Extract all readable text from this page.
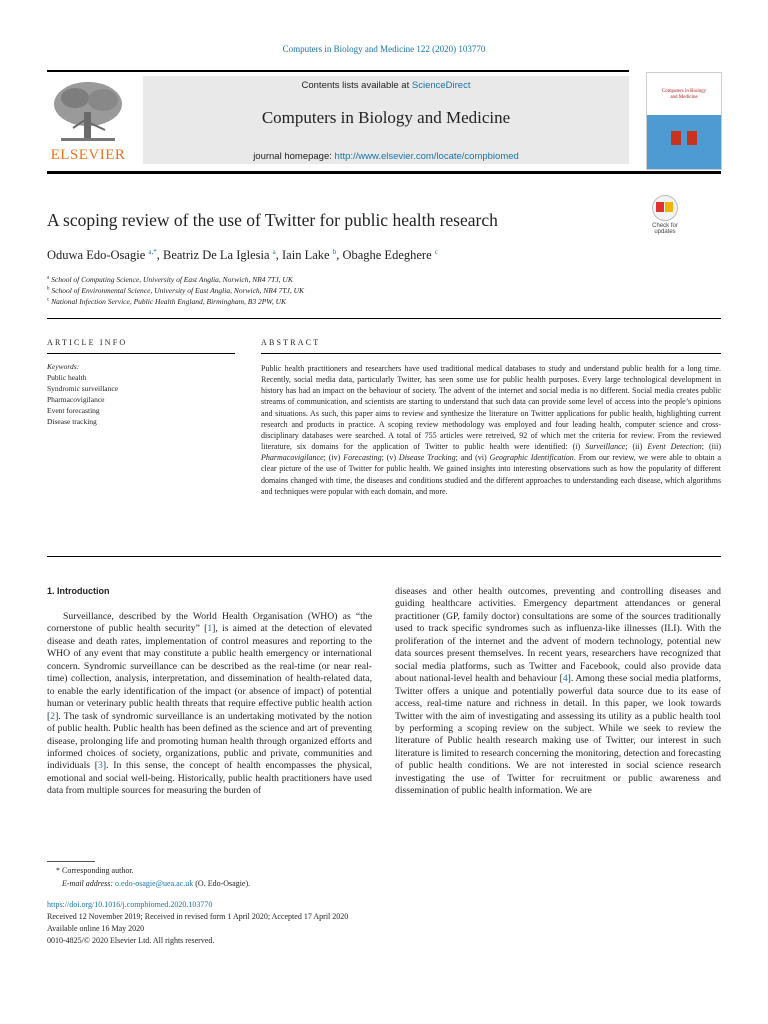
Computers in Biology and Medicine 122 (2020) 103770
ELSEVIER
Contents lists available at ScienceDirect
Computers in Biology and Medicine
journal homepage: http://www.elsevier.com/locate/compbiomed
Computers in Biology
and Medicine
A scoping review of the use of Twitter for public health research	Check for
updates
Oduwa Edo-Osagie $^{a,*}$, Beatriz De La Iglesia $^a$, Iain Lake $^b$, Obaghe Edeghere $^c$
$^a$ School of Computing Science, University of East Anglia, Norwich, NR4 7TJ, UK
$^b$ School of Environmental Science, University of East Anglia, Norwich, NR4 7TJ, UK
$^c$ National Infection Service, Public Health England, Birmingham, B3 2PW, UK
ARTICLE INFO
Keywords:
Public health
Syndromic surveillance
Pharmacovigilance
Event forecasting
Disease tracking
ABSTRACT
Public health practitioners and researchers have used traditional medical databases to study and understand public health for a long time. Recently, social media data, particularly Twitter, has seen some use for public health purposes. Every large technological development in history has had an impact on the behaviour of society. The advent of the internet and social media is no different. Social media creates public streams of communication, and scientists are starting to understand that such data can provide some level of access into the people’s opinions and situations. As such, this paper aims to review and synthesize the literature on Twitter applications for public health, highlighting current research and products in practice. A scoping review methodology was employed and four leading health, computer science and cross-disciplinary databases were searched. A total of 755 articles were retreived, 92 of which met the criteria for review. From the reviewed literature, six domains for the application of Twitter to public health were identified: (i) Surveillance; (ii) Event Detection; (iii) Pharmacovigilance; (iv) Forecasting; (v) Disease Tracking; and (vi) Geographic Identification. From our review, we were able to obtain a clear picture of the use of Twitter for public health. We gained insights into interesting observations such as how the popularity of different domains changed with time, the diseases and conditions studied and the different approaches to understanding each disease, which algorithms and techniques were popular with each domain, and more.
1. Introduction
Surveillance, described by the World Health Organisation (WHO) as “the cornerstone of public health security” [1], is aimed at the detection of elevated disease and death rates, implementation of control measures and reporting to the WHO of any event that may constitute a public health emergency or international concern. Syndromic surveillance can be described as the real-time (or near real-time) collection, analysis, interpretation, and dissemination of health-related data, to enable the early identification of the impact (or absence of impact) of potential human or veterinary public health threats that require effective public health action [2]. The task of syndromic surveillance is an undertaking motivated by the notion of public health. Public health has been defined as the science and art of preventing disease, prolonging life and promoting human health through organized efforts and informed choices of society, organizations, public and private, communities and individuals [3]. In this sense, the concept of health encompasses the physical, emotional and social well-being. Historically, public health practitioners have used data from multiple sources for measuring the burden of
diseases and other health outcomes, preventing and controlling diseases and guiding healthcare activities. Emergency department attendances or general practitioner (GP, family doctor) consultations are some of the sources traditionally used to track specific syndromes such as influenza-like illnesses (ILI). With the proliferation of the internet and the advent of modern technology, potential new data sources present themselves. In recent years, researchers have recognized that social media platforms, such as Twitter and Facebook, could also provide data about national-level health and behaviour [4]. Among these social media platforms, Twitter offers a unique and potentially powerful data source due to its ease of access, real-time nature and richness in detail. In this paper, we look towards Twitter with the aim of investigating and assessing its utility as a public health tool by performing a scoping review on the subject. While we seek to review the literature of Public health research making use of Twitter, our interest in such literature is limited to research concerning the monitoring, detection and forecasting of public health conditions. We are not interested in social science research investigating the use of Twitter for recruitment or public awareness and dissemination of public health information. We are
* Corresponding author.
E-mail address: o.edo-osagie@uea.ac.uk (O. Edo-Osagie).
https://doi.org/10.1016/j.compbiomed.2020.103770
Received 12 November 2019; Received in revised form 1 April 2020; Accepted 17 April 2020
Available online 16 May 2020
0010-4825/© 2020 Elsevier Ltd. All rights reserved.
